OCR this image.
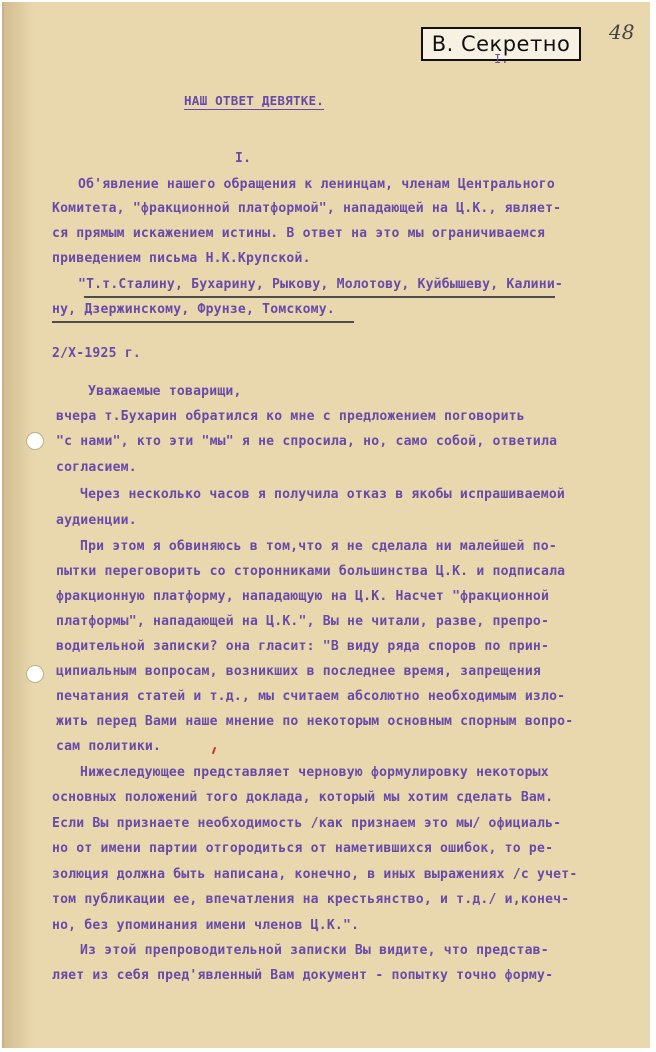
В. Секретно 48
I.
НАШ ОТВЕТ ДЕВЯТКЕ.
I.
Об'явление нашего обращения к ленинцам, членам Центрального
Комитета, "фракционной платформой", нападающей на Ц.К., являет-
ся прямым искажением истины. В ответ на это мы ограничиваемся
приведением письма Н.К.Крупской.
"Т.т.Сталину, Бухарину, Рыкову, Молотову, Куйбышеву, Калини-
ну, Дзержинскому, Фрунзе, Томскому.
2/Х-1925 г.
Уважаемые товарищи,
вчера т.Бухарин обратился ко мне с предложением поговорить
"с нами", кто эти "мы" я не спросила, но, само собой, ответила
согласием.
Через несколько часов я получила отказ в якобы испрашиваемой
аудиенции.
При этом я обвиняюсь в том,что я не сделала ни малейшей по-
пытки переговорить со сторонниками большинства Ц.К. и подписала
фракционную платформу, нападающую на Ц.К. Насчет "фракционной
платформы", нападающей на Ц.К.", Вы не читали, разве, препро-
водительной записки? она гласит: "В виду ряда споров по прин-
ципиальным вопросам, возникших в последнее время, запрещения
печатания статей и т.д., мы считаем абсолютно необходимым изло-
жить перед Вами наше мнение по некоторым основным спорным вопро-
сам политики.
Нижеследующее представляет черновую формулировку некоторых
основных положений того доклада, который мы хотим сделать Вам.
Если Вы признаете необходимость /как признаем это мы/ официаль-
но от имени партии отгородиться от наметившихся ошибок, то ре-
золюция должна быть написана, конечно, в иных выражениях /с учет-
том публикации ее, впечатления на крестьянство, и т.д./ и,конеч-
но, без упоминания имени членов Ц.К.".
Из этой препроводительной записки Вы видите, что представ-
ляет из себя пред'явленный Вам документ - попытку точно форму-
